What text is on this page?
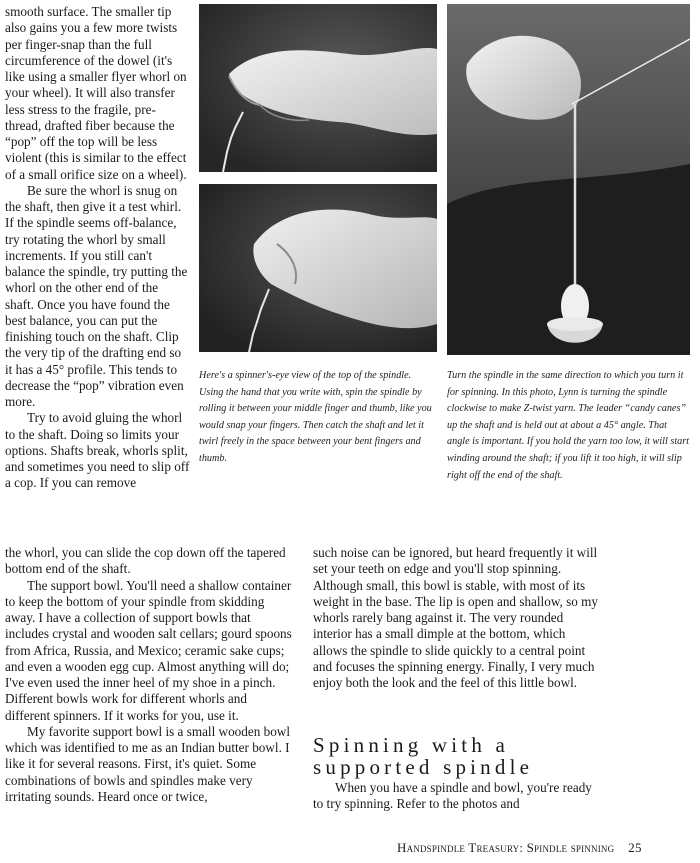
smooth surface. The smaller tip also gains you a few more twists per finger-snap than the full circumference of the dowel (it's like using a smaller flyer whorl on your wheel). It will also transfer less stress to the fragile, pre-thread, drafted fiber because the “pop” off the top will be less violent (this is similar to the effect of a small orifice size on a wheel).

Be sure the whorl is snug on the shaft, then give it a test whirl. If the spindle seems off-balance, try rotating the whorl by small increments. If you still can't balance the spindle, try putting the whorl on the other end of the shaft. Once you have found the best balance, you can put the finishing touch on the shaft. Clip the very tip of the drafting end so it has a 45° profile. This tends to decrease the “pop” vibration even more.

Try to avoid gluing the whorl to the shaft. Doing so limits your options. Shafts break, whorls split, and sometimes you need to slip off a cop. If you can remove

Here's a spinner's-eye view of the top of the spindle. Using the hand that you write with, spin the spindle by rolling it between your middle finger and thumb, like you would snap your fingers. Then catch the shaft and let it twirl freely in the space between your bent fingers and thumb.
Turn the spindle in the same direction to which you turn it for spinning. In this photo, Lynn is turning the spindle clockwise to make Z-twist yarn. The leader “candy canes” up the shaft and is held out at about a 45° angle. That angle is important. If you hold the yarn too low, it will start winding around the shaft; if you lift it too high, it will slip right off the end of the shaft.

the whorl, you can slide the cop down off the tapered bottom end of the shaft.

The support bowl. You'll need a shallow container to keep the bottom of your spindle from skidding away. I have a collection of support bowls that includes crystal and wooden salt cellars; gourd spoons from Africa, Russia, and Mexico; ceramic sake cups; and even a wooden egg cup. Almost anything will do; I've even used the inner heel of my shoe in a pinch. Different bowls work for different whorls and different spinners. If it works for you, use it.

My favorite support bowl is a small wooden bowl which was identified to me as an Indian butter bowl. I like it for several reasons. First, it's quiet. Some combinations of bowls and spindles make very irritating sounds. Heard once or twice,

such noise can be ignored, but heard frequently it will set your teeth on edge and you'll stop spinning. Although small, this bowl is stable, with most of its weight in the base. The lip is open and shallow, so my whorls rarely bang against it. The very rounded interior has a small dimple at the bottom, which allows the spindle to slide quickly to a central point and focuses the spinning energy. Finally, I very much enjoy both the look and the feel of this little bowl.

Spinning with a
supported spindle

When you have a spindle and bowl, you're ready to try spinning. Refer to the photos and

Handspindle Treasury: Spindle spinning 25
